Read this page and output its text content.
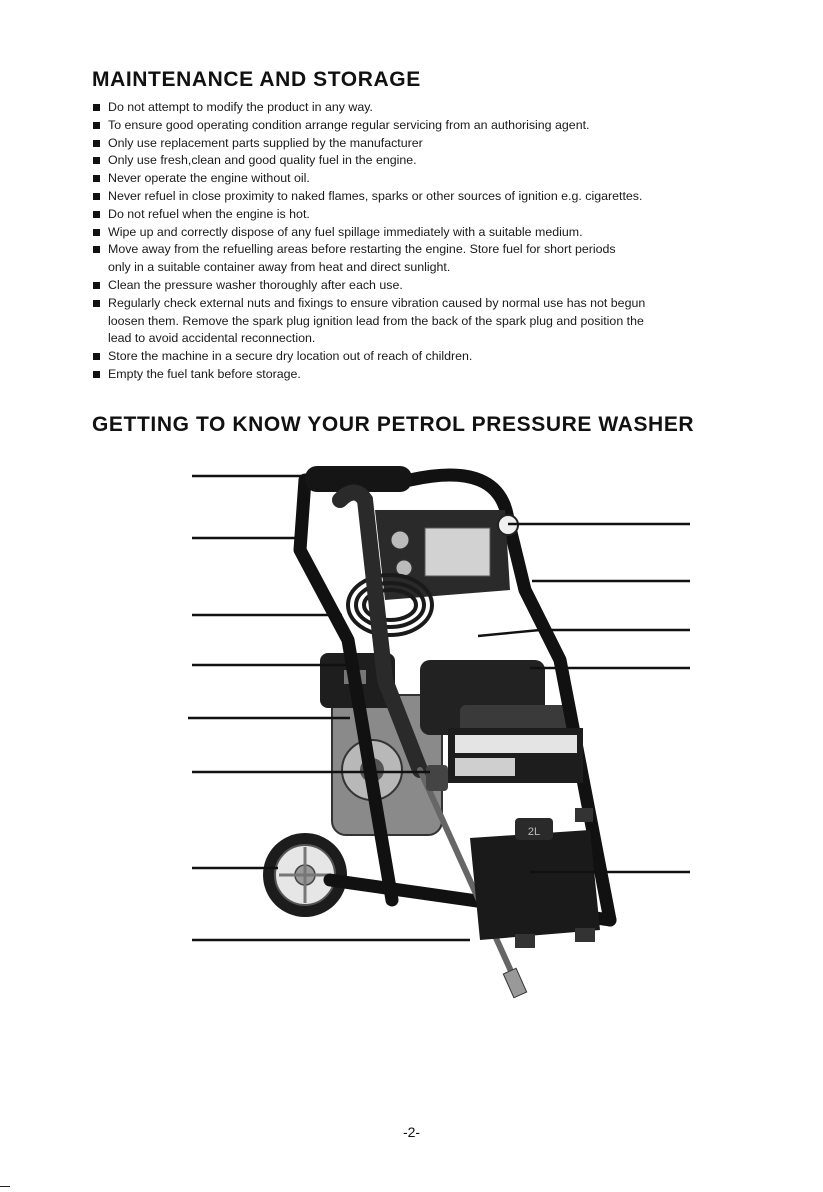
MAINTENANCE AND STORAGE
Do not attempt to modify the product in any way.
To ensure good operating condition arrange regular servicing from an authorising agent.
Only use replacement parts supplied by the manufacturer
Only use fresh,clean and good quality fuel in the engine.
Never operate the engine without oil.
Never refuel in close proximity to naked flames, sparks or other sources of ignition e.g. cigarettes.
Do not refuel when the engine is hot.
Wipe up and correctly dispose of any fuel spillage immediately with a suitable medium.
Move away from the refuelling areas before restarting the engine. Store fuel for short periods
only in a suitable container away from heat and direct sunlight.
Clean the pressure washer thoroughly after each use.
Regularly check external nuts and fixings to ensure vibration caused by normal use has not begun
loosen them. Remove the spark plug ignition lead from the back of the spark plug and position the
lead to avoid accidental reconnection.
Store the machine in a secure dry location out of reach of children.
Empty the fuel tank before storage.
GETTING TO KNOW YOUR PETROL PRESSURE WASHER
2L
-2-
